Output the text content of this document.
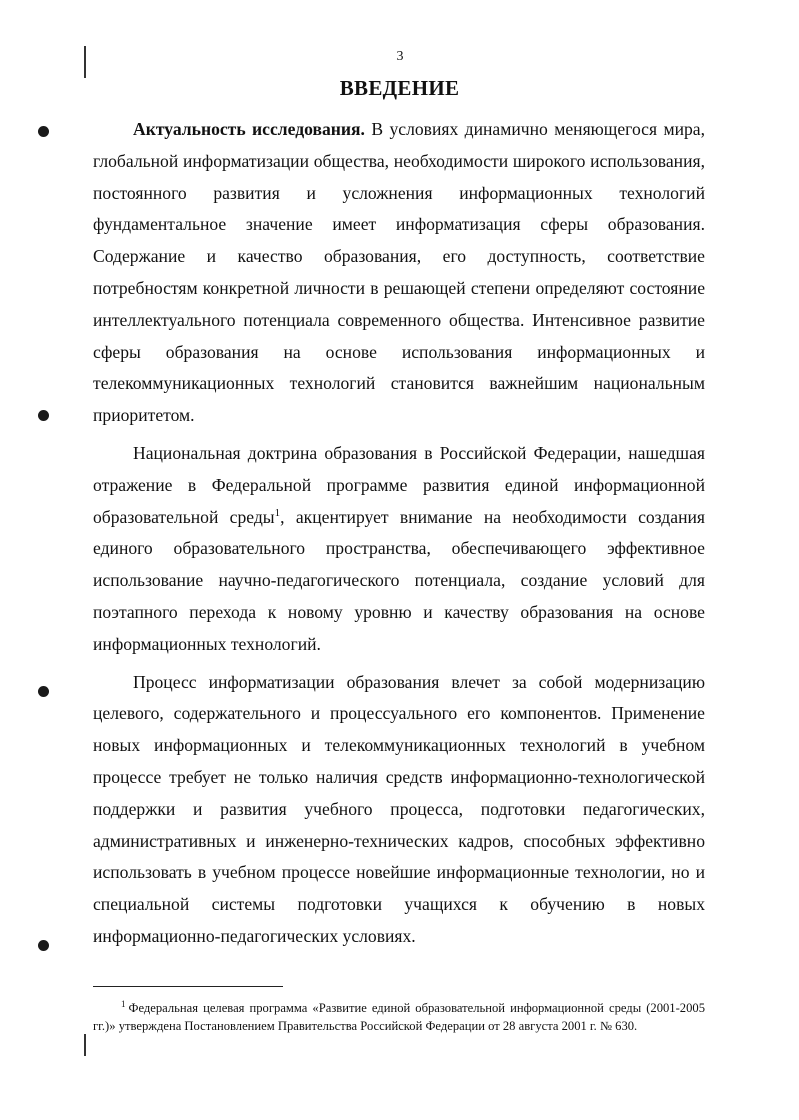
3
ВВЕДЕНИЕ

Актуальность исследования. В условиях динамично меняющегося мира, глобальной информатизации общества, необходимости широкого использования, постоянного развития и усложнения информационных технологий фундаментальное значение имеет информатизация сферы образования. Содержание и качество образования, его доступность, соответствие потребностям конкретной личности в решающей степени определяют состояние интеллектуального потенциала современного общества. Интенсивное развитие сферы образования на основе использования информационных и телекоммуникационных технологий становится важнейшим национальным приоритетом.

Национальная доктрина образования в Российской Федерации, нашедшая отражение в Федеральной программе развития единой информационной образовательной среды$^1$, акцентирует внимание на необходимости создания единого образовательного пространства, обеспечивающего эффективное использование научно-педагогического потенциала, создание условий для поэтапного перехода к новому уровню и качеству образования на основе информационных технологий.

Процесс информатизации образования влечет за собой модернизацию целевого, содержательного и процессуального его компонентов. Применение новых информационных и телекоммуникационных технологий в учебном процессе требует не только наличия средств информационно-технологической поддержки и развития учебного процесса, подготовки педагогических, административных и инженерно-технических кадров, способных эффективно использовать в учебном процессе новейшие информационные технологии, но и специальной системы подготовки учащихся к обучению в новых информационно-педагогических условиях.

$^1$ Федеральная целевая программа «Развитие единой образовательной информационной среды (2001-2005 гг.)» утверждена Постановлением Правительства Российской Федерации от 28 августа 2001 г. № 630.
